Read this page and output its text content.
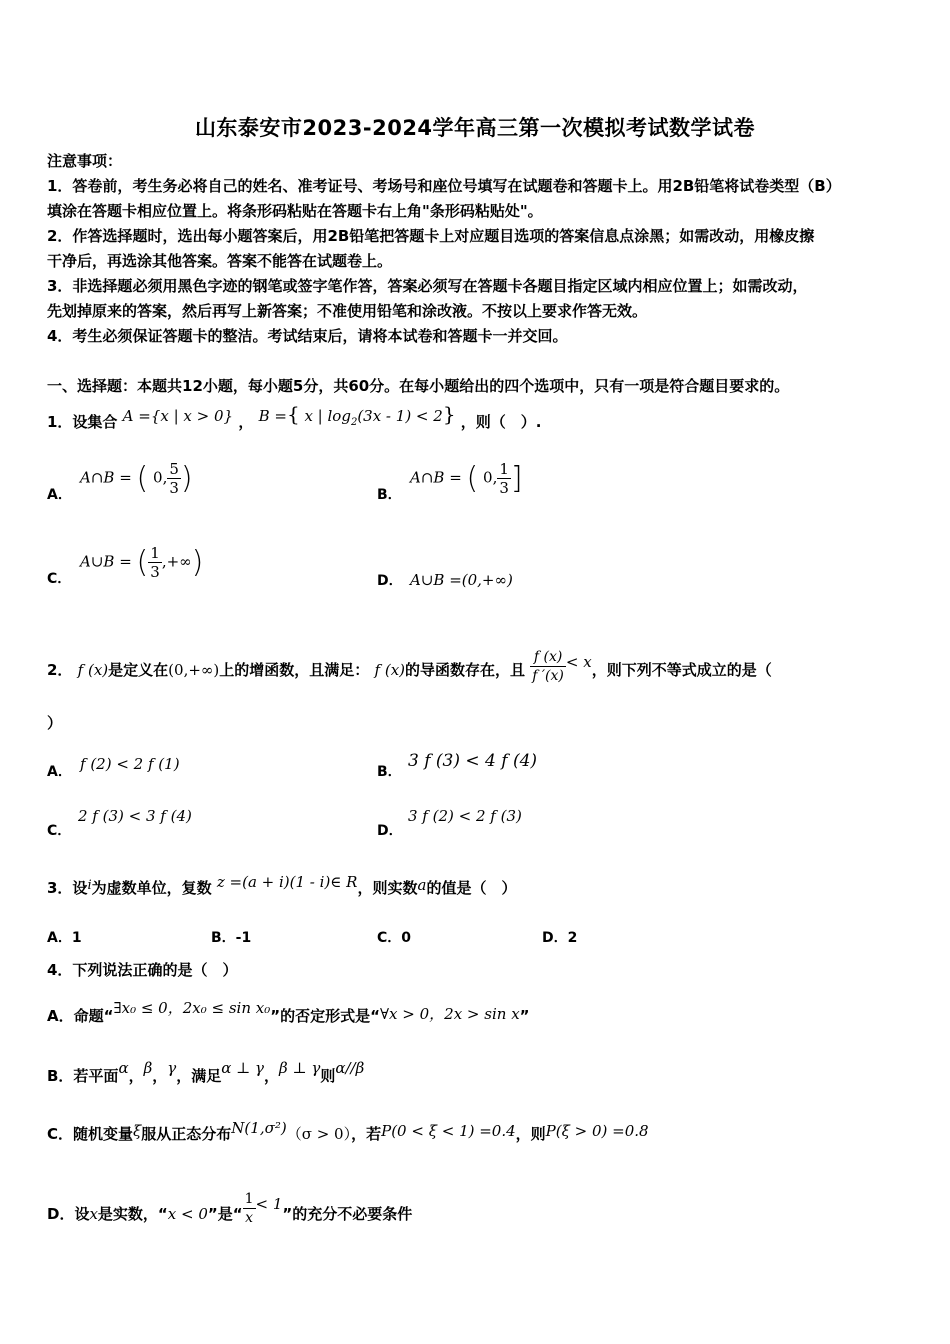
山东泰安市2023-2024学年高三第一次模拟考试数学试卷
注意事项：
1．答卷前，考生务必将自己的姓名、准考证号、考场号和座位号填写在试题卷和答题卡上。用2B铅笔将试卷类型（B）
填涂在答题卡相应位置上。将条形码粘贴在答题卡右上角"条形码粘贴处"。
2．作答选择题时，选出每小题答案后，用2B铅笔把答题卡上对应题目选项的答案信息点涂黑；如需改动，用橡皮擦
干净后，再选涂其他答案。答案不能答在试题卷上。
3．非选择题必须用黑色字迹的钢笔或签字笔作答，答案必须写在答题卡各题目指定区域内相应位置上；如需改动，
先划掉原来的答案，然后再写上新答案；不准使用铅笔和涂改液。不按以上要求作答无效。
4．考生必须保证答题卡的整洁。考试结束后，请将本试卷和答题卡一并交回。
一、选择题：本题共12小题，每小题5分，共60分。在每小题给出的四个选项中，只有一项是符合题目要求的。
1．设集合 A ={x | x > 0} ， B ={ x | $\log_2(3x - 1) < 2$} ，则（　）.
A．
A∩B = ( 0, $\frac{5}{3}$ )	B．
A∩B = ( 0, $\frac{1}{3}$ ]
C．
A∪B = ( $\frac{1}{3}$ ,+∞)
D． A∪B =(0,+∞)
2． f (x)是定义在(0,+∞)上的增函数，且满足： f (x)的导函数存在，且 $\frac{f (x)}{f '(x)} < x$，则下列不等式成立的是（
）
A． f (2) < 2 f (1)	B．
3 f (3) < 4 f (4)
C．
2 f (3) < 3 f (4)
D．
3 f (2) < 2 f (3)
3．设i为虚数单位，复数 z =(a + i)(1 - i)∈ R，则实数a的值是（　）
A．1	B．-1	C．0	D．2
4．下列说法正确的是（　）
A．命题“∃x₀ ≤ 0，2x₀ ≤ sin x₀”的否定形式是“∀x > 0，2x > sin x”
B．若平面α，β，γ，满足α ⊥ γ，β ⊥ γ则α//β
C．随机变量ξ服从正态分布N(1,σ²)（σ > 0），若P(0 < ξ < 1) =0.4，则P(ξ > 0) =0.8
D．设x是实数，“x < 0”是“ $\frac{1}{x} < 1$”的充分不必要条件
